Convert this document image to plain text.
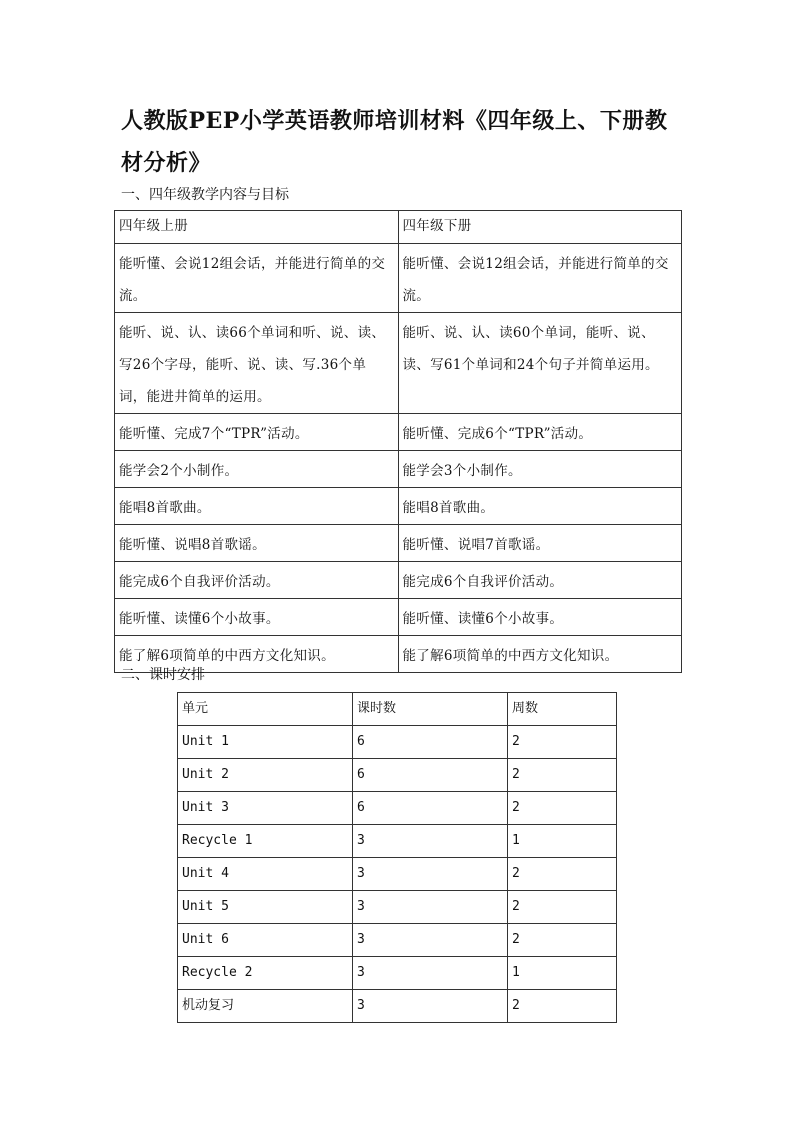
人教版PEP小学英语教师培训材料《四年级上、下册教材分析》
一、四年级教学内容与目标
四年级上册	四年级下册
能听懂、会说12组会话，并能进行简单的交流。	能听懂、会说12组会话，并能进行简单的交流。
能听、说、认、读66个单词和听、说、读、写26个字母，能听、说、读、写.36个单词，能进井简单的运用。	能听、说、认、读60个单词，能听、说、读、写61个单词和24个句子并简单运用。
能听懂、完成7个“TPR”活动。	能听懂、完成6个“TPR”活动。
能学会2个小制作。	能学会3个小制作。
能唱8首歌曲。	能唱8首歌曲。
能听懂、说唱8首歌谣。	能听懂、说唱7首歌谣。
能完成6个自我评价活动。	能完成6个自我评价活动。
能听懂、读懂6个小故事。	能听懂、读懂6个小故事。
能了解6项简单的中西方文化知识。	能了解6项简单的中西方文化知识。
二、课时安排
单元	课时数	周数
Unit 1	6	2
Unit 2	6	2
Unit 3	6	2
Recycle 1	3	1
Unit 4	3	2
Unit 5	3	2
Unit 6	3	2
Recycle 2	3	1
机动复习	3	2
